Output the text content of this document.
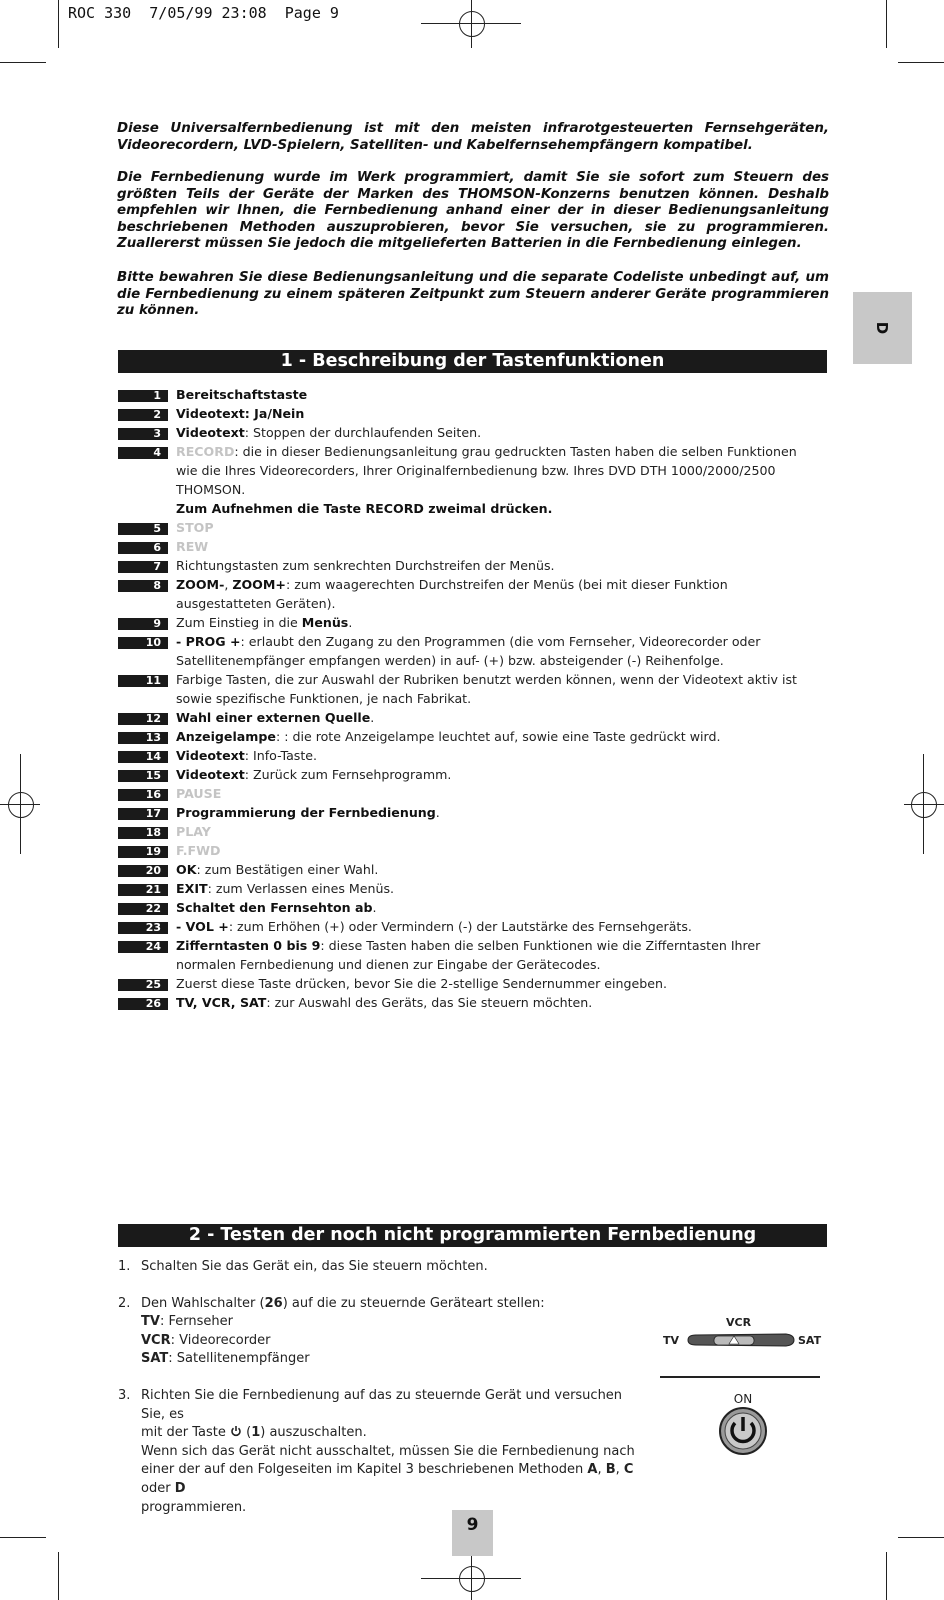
ROC 330  7/05/99 23:08  Page 9
D

Diese Universalfernbedienung ist mit den meisten infrarotgesteuerten Fernsehgeräten, Videorecordern, LVD-Spielern, Satelliten- und Kabelfernsehempfängern kompatibel.

Die Fernbedienung wurde im Werk programmiert, damit Sie sie sofort zum Steuern des größten Teils der Geräte der Marken des THOMSON-Konzerns benutzen können. Deshalb empfehlen wir Ihnen, die Fernbedienung anhand einer der in dieser Bedienungsanleitung beschriebenen Methoden auszuprobieren, bevor Sie versuchen, sie zu programmieren. Zuallererst müssen Sie jedoch die mitgelieferten Batterien in die Fernbedienung einlegen.

Bitte bewahren Sie diese Bedienungsanleitung und die separate Codeliste unbedingt auf, um die Fernbedienung zu einem späteren Zeitpunkt zum Steuern anderer Geräte programmieren zu können.

1 - Beschreibung der Tastenfunktionen
1	Bereitschaftstaste
2	Videotext: Ja/Nein
3	Videotext: Stoppen der durchlaufenden Seiten.
4	RECORD: die in dieser Bedienungsanleitung grau gedruckten Tasten haben die selben Funktionen wie die Ihres Videorecorders, Ihrer Originalfernbedienung bzw. Ihres DVD DTH 1000/2000/2500 THOMSON.
Zum Aufnehmen die Taste RECORD zweimal drücken.
5	STOP
6	REW
7	Richtungstasten zum senkrechten Durchstreifen der Menüs.
8	ZOOM-, ZOOM+: zum waagerechten Durchstreifen der Menüs (bei mit dieser Funktion ausgestatteten Geräten).
9	Zum Einstieg in die Menüs.
10	- PROG +: erlaubt den Zugang zu den Programmen (die vom Fernseher, Videorecorder oder Satellitenempfänger empfangen werden) in auf- (+) bzw. absteigender (-) Reihenfolge.
11	Farbige Tasten, die zur Auswahl der Rubriken benutzt werden können, wenn der Videotext aktiv ist sowie spezifische Funktionen, je nach Fabrikat.
12	Wahl einer externen Quelle.
13	Anzeigelampe: : die rote Anzeigelampe leuchtet auf, sowie eine Taste gedrückt wird.
14	Videotext: Info-Taste.
15	Videotext: Zurück zum Fernsehprogramm.
16	PAUSE
17	Programmierung der Fernbedienung.
18	PLAY
19	F.FWD
20	OK: zum Bestätigen einer Wahl.
21	EXIT: zum Verlassen eines Menüs.
22	Schaltet den Fernsehton ab.
23	- VOL +: zum Erhöhen (+) oder Vermindern (-) der Lautstärke des Fernsehgeräts.
24	Zifferntasten 0 bis 9: diese Tasten haben die selben Funktionen wie die Zifferntasten Ihrer normalen Fernbedienung und dienen zur Eingabe der Gerätecodes.
25	Zuerst diese Taste drücken, bevor Sie die 2-stellige Sendernummer eingeben.
26	TV, VCR, SAT: zur Auswahl des Geräts, das Sie steuern möchten.
2 - Testen der noch nicht programmierten Fernbedienung
1. Schalten Sie das Gerät ein, das Sie steuern möchten.
2. Den Wahlschalter (26) auf die zu steuernde Geräteart stellen:
TV: Fernseher
VCR: Videorecorder
SAT: Satellitenempfänger
3. Richten Sie die Fernbedienung auf das zu steuernde Gerät und versuchen Sie, es
mit der Taste  (1) auszuschalten.
Wenn sich das Gerät nicht ausschaltet, müssen Sie die Fernbedienung nach einer der auf den Folgeseiten im Kapitel 3 beschriebenen Methoden A, B, C oder D
programmieren.
VCR
TV	SAT
ON
9
